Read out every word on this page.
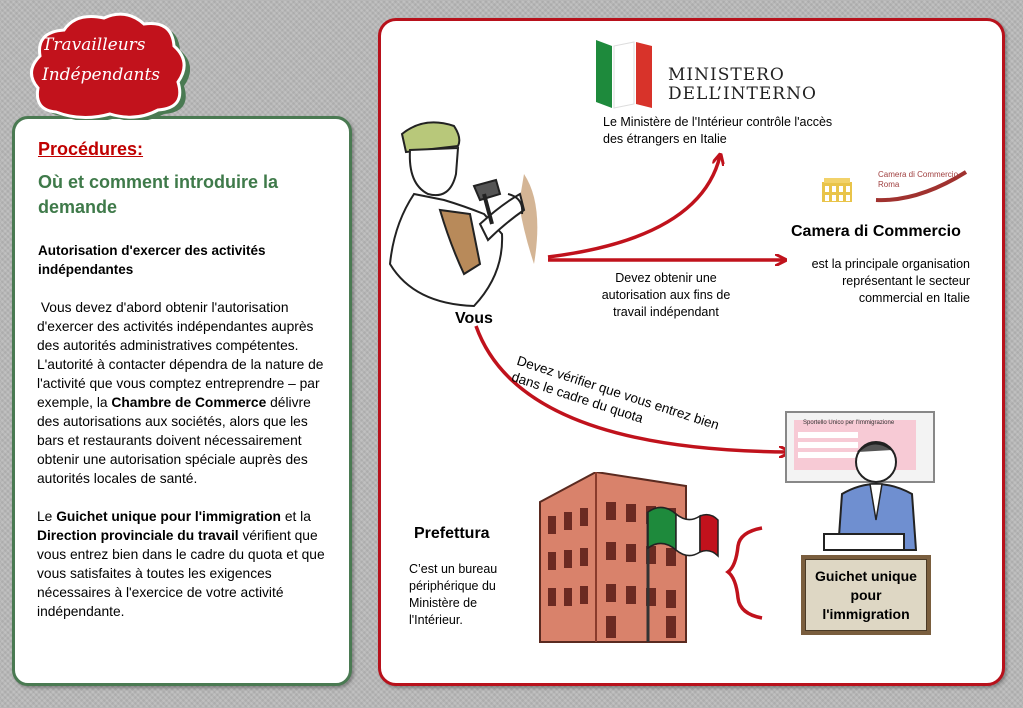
Travailleurs
Indépendants
Procédures:
Où et comment introduire la demande
Autorisation d'exercer des activités indépendantes

Vous devez d'abord obtenir l'autorisation d'exercer des activités indépendantes auprès des autorités administratives compétentes.

L'autorité à contacter dépendra de la nature de l'activité que vous comptez entreprendre – par exemple, la Chambre de Commerce délivre des autorisations aux sociétés, alors que les bars et restaurants doivent nécessairement obtenir une autorisation spéciale auprès des autorités locales de santé.

Le Guichet unique pour l'immigration et la Direction provinciale du travail vérifient que vous entrez bien dans le cadre du quota et que vous satisfaites à toutes les exigences nécessaires à l'exercice de votre activité indépendante.

MINISTERO
DELL’INTERNO
Le Ministère de l'Intérieur contrôle l'accès des étrangers en Italie
Camera di Commercio
Roma
Camera di Commercio
est la principale organisation représentant le secteur commercial en Italie
Devez obtenir une autorisation aux fins de travail indépendant
Devez vérifier que vous entrez bien dans le cadre du quota
Vous
Sportello Unico per l'Immigrazione
Guichet unique pour l'immigration
Prefettura
C’est un bureau périphérique du Ministère de l'Intérieur.
